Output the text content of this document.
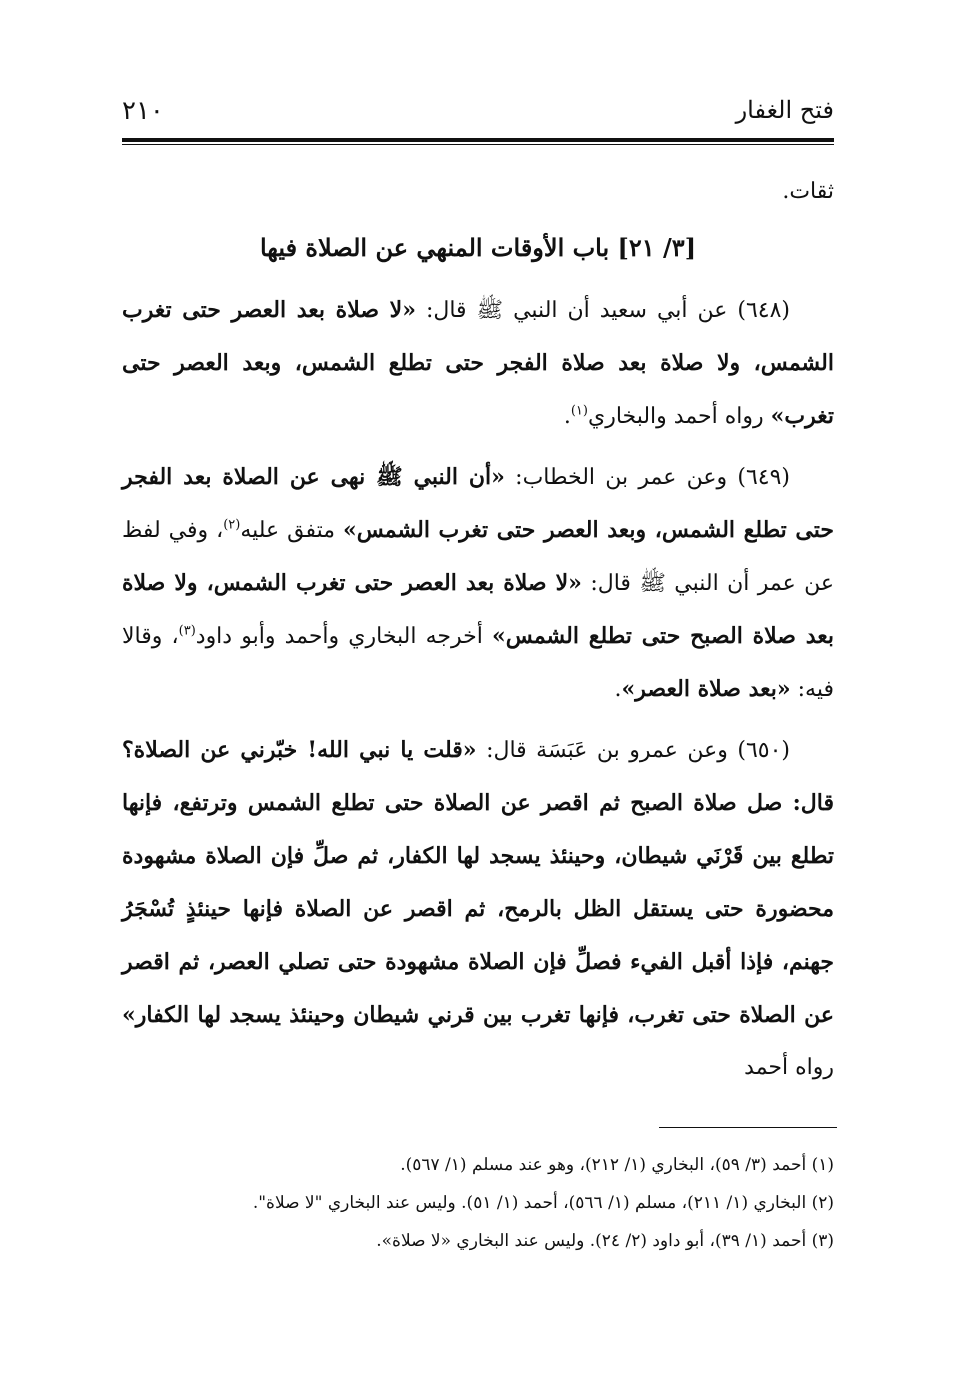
٢١٠	فتح الغفار

ثقات.

[٣/ ٢١] باب الأوقات المنهي عن الصلاة فيها

(٦٤٨) عن أبي سعيد أن النبي ﷺ قال: «لا صلاة بعد العصر حتى تغرب الشمس، ولا صلاة بعد صلاة الفجر حتى تطلع الشمس، وبعد العصر حتى تغرب» رواه أحمد والبخاري$^{(١)}$.

(٦٤٩) وعن عمر بن الخطاب: «أن النبي ﷺ نهى عن الصلاة بعد الفجر حتى تطلع الشمس، وبعد العصر حتى تغرب الشمس» متفق عليه$^{(٢)}$، وفي لفظ عن عمر أن النبي ﷺ قال: «لا صلاة بعد العصر حتى تغرب الشمس، ولا صلاة بعد صلاة الصبح حتى تطلع الشمس» أخرجه البخاري وأحمد وأبو داود$^{(٣)}$، وقالا فيه: «بعد صلاة العصر».

(٦٥٠) وعن عمرو بن عَبَسَة قال: «قلت يا نبي الله! خبّرني عن الصلاة؟ قال: صل صلاة الصبح ثم اقصر عن الصلاة حتى تطلع الشمس وترتفع، فإنها تطلع بين قَرْنَي شيطان، وحينئذ يسجد لها الكفار، ثم صلِّ فإن الصلاة مشهودة محضورة حتى يستقل الظل بالرمح، ثم اقصر عن الصلاة فإنها حينئذٍ تُسْجَرُ جهنم، فإذا أقبل الفيء فصلِّ فإن الصلاة مشهودة حتى تصلي العصر، ثم اقصر عن الصلاة حتى تغرب، فإنها تغرب بين قرني شيطان وحينئذ يسجد لها الكفار» رواه أحمد

(١) أحمد (٣/ ٥٩)، البخاري (١/ ٢١٢)، وهو عند مسلم (١/ ٥٦٧).

(٢) البخاري (١/ ٢١١)، مسلم (١/ ٥٦٦)، أحمد (١/ ٥١). وليس عند البخاري "لا صلاة".

(٣) أحمد (١/ ٣٩)، أبو داود (٢/ ٢٤). وليس عند البخاري «لا صلاة».
